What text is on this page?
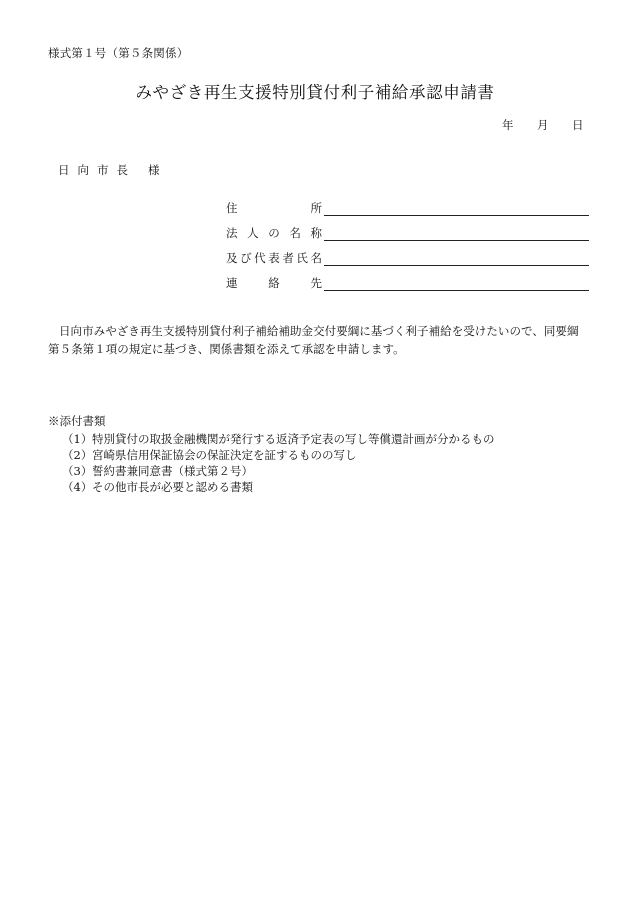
様式第１号（第５条関係）
みやざき再生支援特別貸付利子補給承認申請書
年 月 日
日向市長 様
住	所
法 人 の 名 称
及 び 代 表 者 氏 名
連	絡	先
日向市みやざき再生支援特別貸付利子補給補助金交付要綱に基づく利子補給を受けたいので、同要綱第５条第１項の規定に基づき、関係書類を添えて承認を申請します。
※添付書類
（1）特別貸付の取扱金融機関が発行する返済予定表の写し等償還計画が分かるもの
（2）宮崎県信用保証協会の保証決定を証するものの写し
（3）誓約書兼同意書（様式第２号）
（4）その他市長が必要と認める書類
